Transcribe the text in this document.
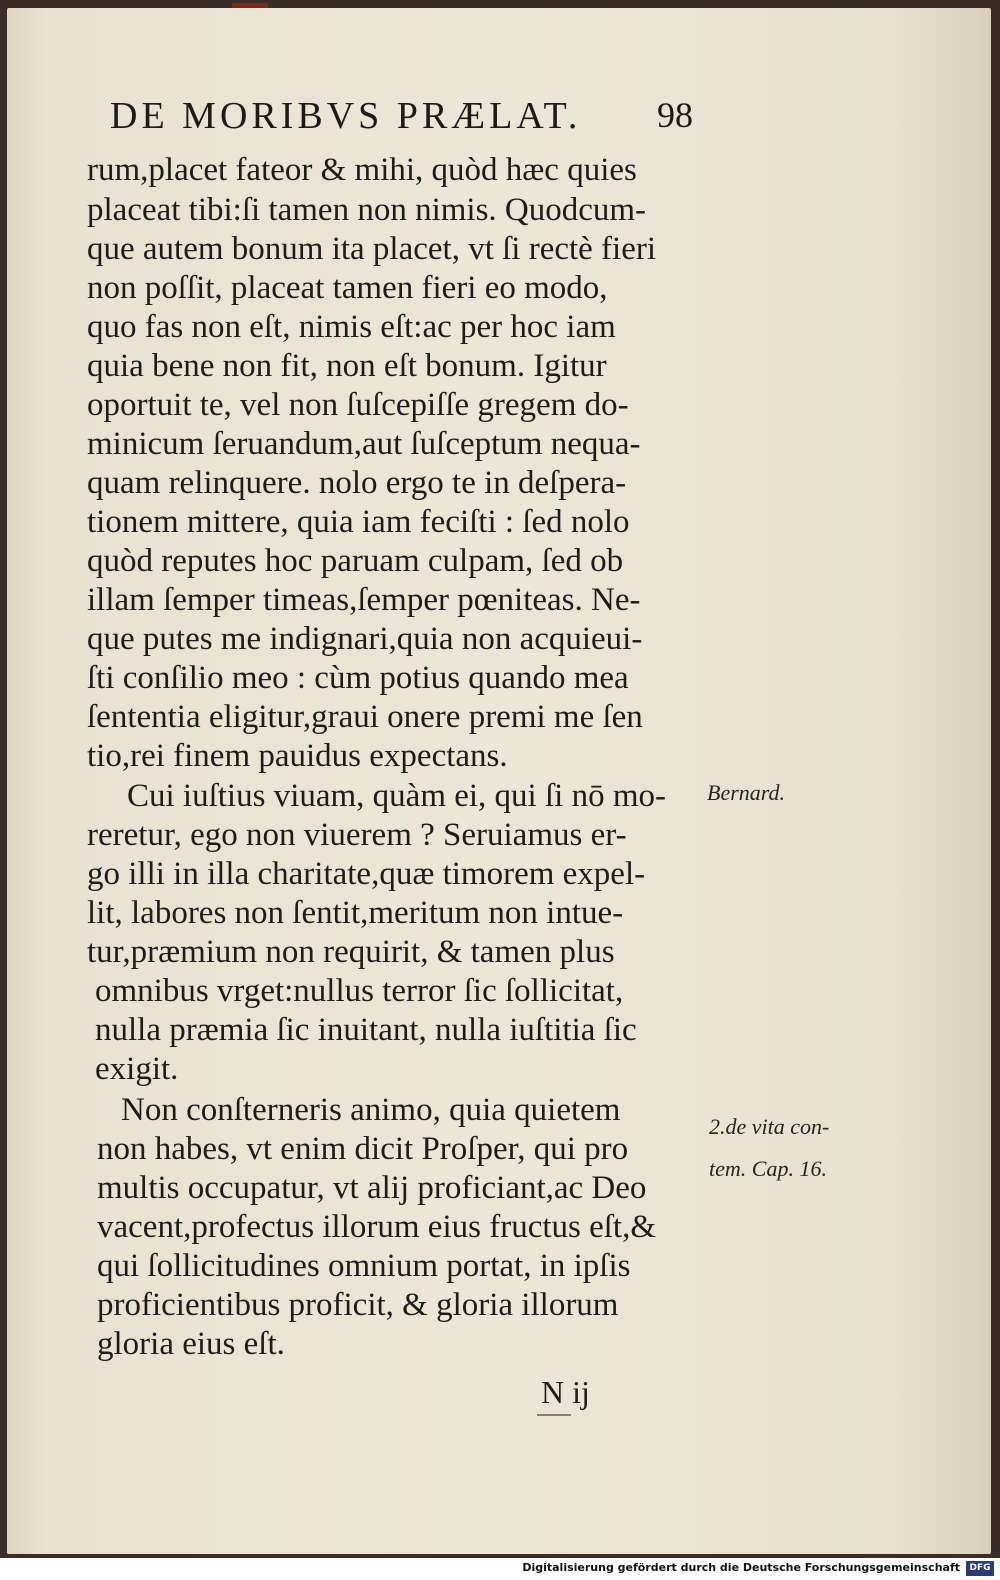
DE MORIBVS PRÆLAT. 98
rum,placet fateor & mihi, quòd hæc quies
placeat tibi:ſi tamen non nimis. Quodcum-
que autem bonum ita placet, vt ſi rectè fieri
non poſſit, placeat tamen fieri eo modo,
quo fas non eſt, nimis eſt:ac per hoc iam
quia bene non fit, non eſt bonum. Igitur
oportuit te, vel non ſuſcepiſſe gregem do-
minicum ſeruandum,aut ſuſceptum nequa-
quam relinquere. nolo ergo te in deſpera-
tionem mittere, quia iam feciſti : ſed nolo
quòd reputes hoc paruam culpam, ſed ob
illam ſemper timeas,ſemper pœniteas. Ne-
que putes me indignari,quia non acquieui-
ſti conſilio meo : cùm potius quando mea
ſententia eligitur,graui onere premi me ſen
tio,rei finem pauidus expectans.
Cui iuſtius viuam, quàm ei, qui ſi nō mo-
reretur, ego non viuerem ? Seruiamus er-
go illi in illa charitate,quæ timorem expel-
lit, labores non ſentit,meritum non intue-
tur,præmium non requirit, & tamen plus
omnibus vrget:nullus terror ſic ſollicitat,
nulla præmia ſic inuitant, nulla iuſtitia ſic
exigit.
Non conſterneris animo, quia quietem
non habes, vt enim dicit Proſper, qui pro
multis occupatur, vt alij proficiant,ac Deo
vacent,profectus illorum eius fructus eſt,&
qui ſollicitudines omnium portat, in ipſis
proficientibus proficit, & gloria illorum
gloria eius eſt.
Bernard.
2.de vita con-
tem. Cap. 16.
N ij
Digitalisierung gefördert durch die Deutsche Forschungsgemeinschaft	DFG
